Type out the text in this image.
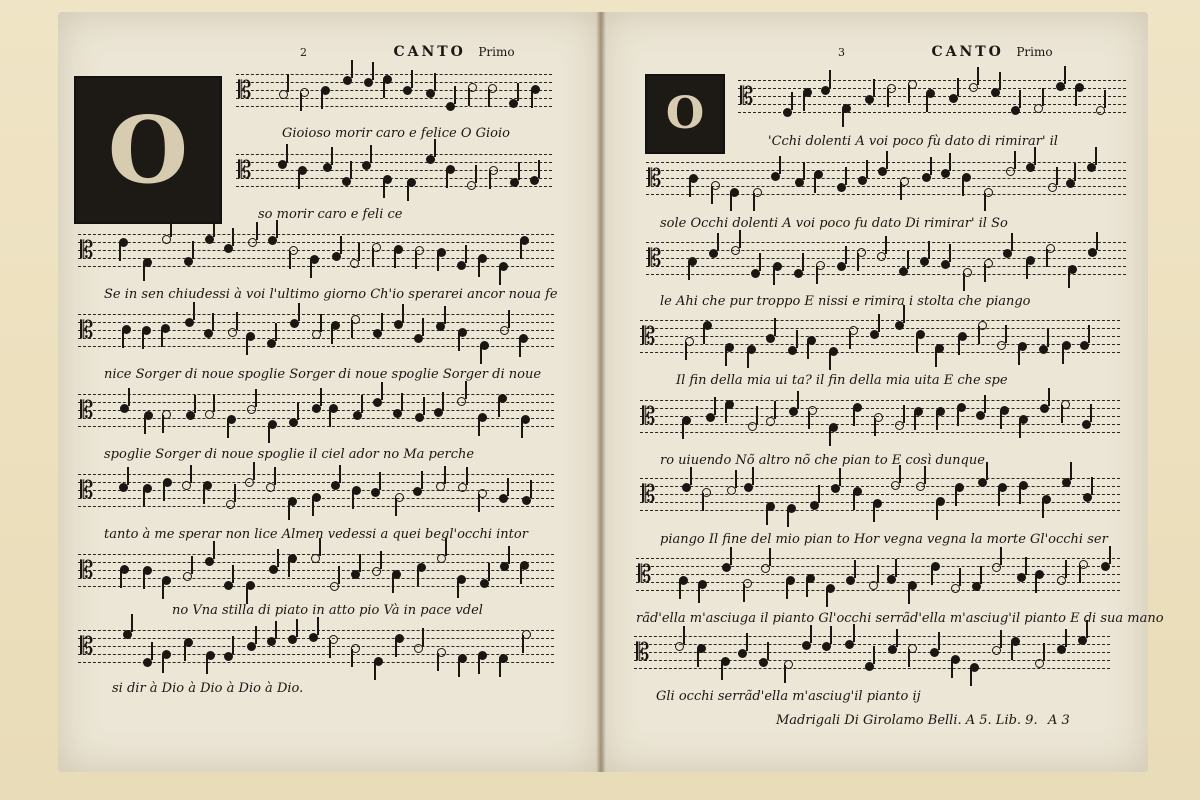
2	CANTO Primo	3	CANTO Primo
O	O
𝄡
𝄡
𝄡
𝄡
𝄡
𝄡
𝄡
𝄡
𝄡
𝄡
𝄡
𝄡
𝄡
𝄡
𝄡
𝄡
Gioioso morir caro e felice O Gioio
so morir caro e feli ce
Se in sen chiudessi à voi l'ultimo giorno Ch'io sperarei ancor noua fe
nice Sorger di noue spoglie Sorger di noue spoglie Sorger di noue
spoglie Sorger di noue spoglie il ciel ador no Ma perche
tanto à me sperar non lice Almen vedessi a quei begl'occhi intor
no Vna stilla di piato in atto pio Và in pace vdel
si dir à Dio à Dio à Dio à Dio.
'Cchi dolenti A voi poco fù dato di rimirar' il
sole Occhi dolenti A voi poco fu dato Di rimirar' il So
le Ahi che pur troppo E nissi e rimira i stolta che piango
Il fin della mia ui ta? il fin della mia uita E che spe
ro uiuendo Nõ altro nõ che pian to E così dunque
piango Il fine del mio pian to Hor vegna vegna la morte Gl'occhi ser
rãd'ella m'asciuga il pianto Gl'occhi serrãd'ella m'asciug'il pianto E di sua mano
Gli occhi serrãd'ella m'asciug'il pianto ij
Madrigali Di Girolamo Belli. A 5. Lib. 9. A 3
